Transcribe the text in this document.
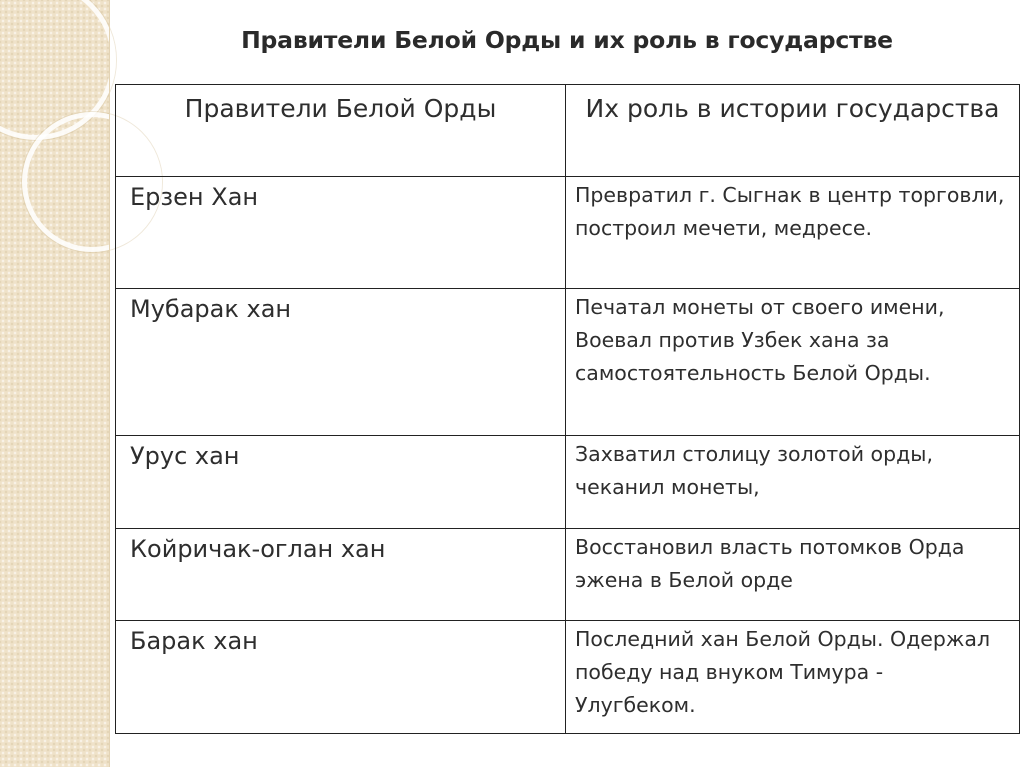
Правители Белой Орды и их роль в государстве
Правители Белой Орды	Их роль в истории государства
Ерзен Хан	Превратил г. Сыгнак в центр торговли, построил мечети, медресе.
Мубарак хан	Печатал монеты от своего имени, Воевал против Узбек хана за самостоятельность Белой Орды.
Урус хан	Захватил столицу золотой орды, чеканил монеты,
Койричак-оглан хан	Восстановил власть потомков Орда эжена в Белой орде
Барак хан	Последний хан Белой Орды. Одержал победу над внуком Тимура - Улугбеком.
